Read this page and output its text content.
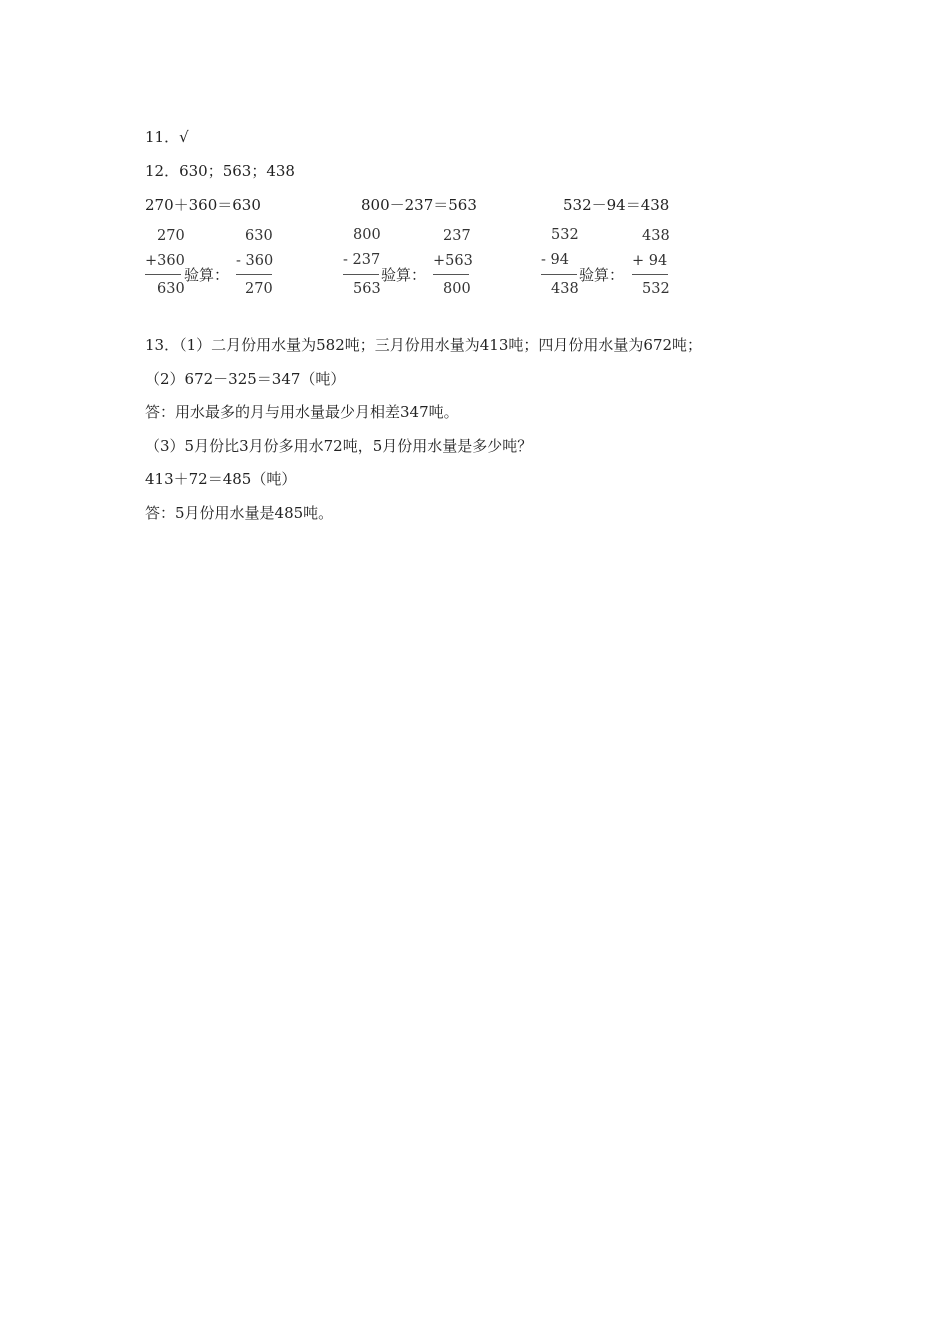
11．√
12．630；563；438
270＋360＝630	800－237＝563	532－94＝438
270
+360
630
验算：
630
- 360
270
800
- 237
563
验算：
237
+563
800
532
- 94
438
验算：
438
+ 94
532
13．（1）二月份用水量为582吨；三月份用水量为413吨；四月份用水量为672吨；
（2）672－325＝347（吨）
答：用水最多的月与用水量最少月相差347吨。
（3）5月份比3月份多用水72吨，5月份用水量是多少吨？
413＋72＝485（吨）
答：5月份用水量是485吨。
